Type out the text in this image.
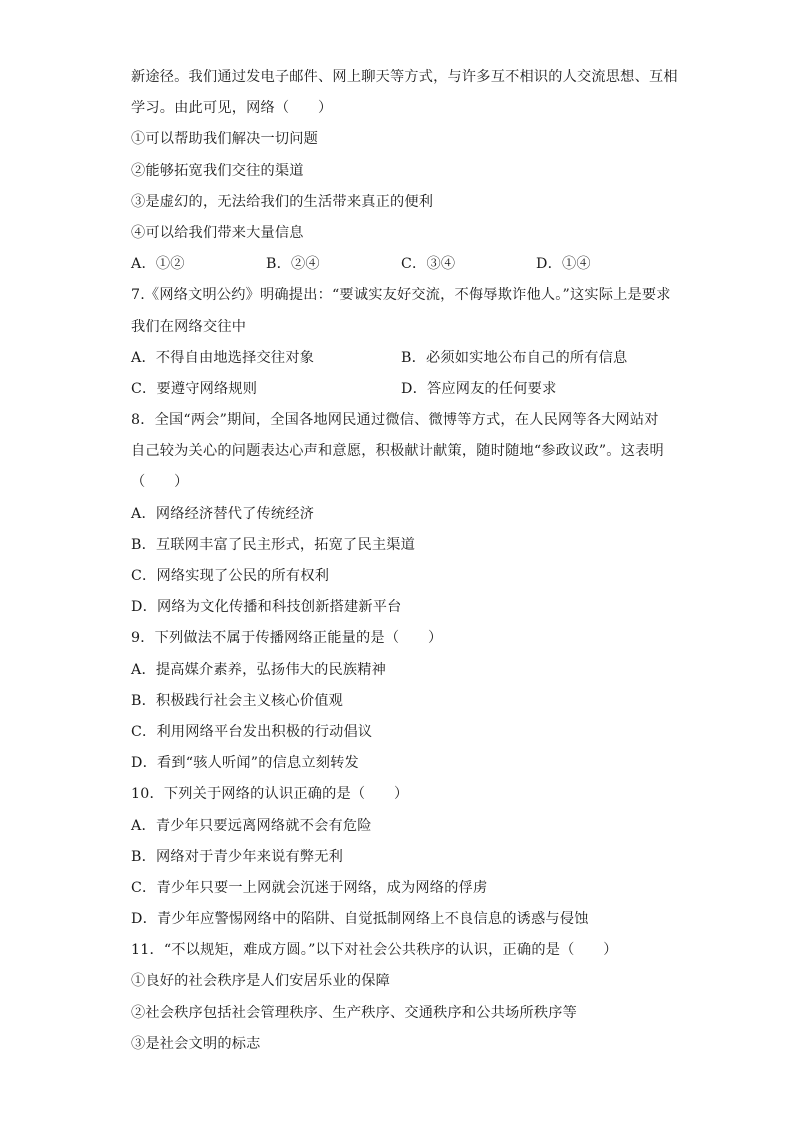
新途径。我们通过发电子邮件、网上聊天等方式，与许多互不相识的人交流思想、互相
学习。由此可见，网络（　　）
①可以帮助我们解决一切问题
②能够拓宽我们交往的渠道
③是虚幻的，无法给我们的生活带来真正的便利
④可以给我们带来大量信息
A．①②	B．②④	C．③④	D．①④
7.《网络文明公约》明确提出：“要诚实友好交流，不侮辱欺诈他人。”这实际上是要求
我们在网络交往中
A．不得自由地选择交往对象	B．必须如实地公布自己的所有信息
C．要遵守网络规则	D．答应网友的任何要求
8．全国“两会”期间，全国各地网民通过微信、微博等方式，在人民网等各大网站对
自己较为关心的问题表达心声和意愿，积极献计献策，随时随地“参政议政”。这表明
（　　）
A．网络经济替代了传统经济
B．互联网丰富了民主形式，拓宽了民主渠道
C．网络实现了公民的所有权利
D．网络为文化传播和科技创新搭建新平台
9．下列做法不属于传播网络正能量的是（　　）
A．提高媒介素养，弘扬伟大的民族精神
B．积极践行社会主义核心价值观
C．利用网络平台发出积极的行动倡议
D．看到“骇人听闻”的信息立刻转发
10．下列关于网络的认识正确的是（　　）
A．青少年只要远离网络就不会有危险
B．网络对于青少年来说有弊无利
C．青少年只要一上网就会沉迷于网络，成为网络的俘虏
D．青少年应警惕网络中的陷阱、自觉抵制网络上不良信息的诱惑与侵蚀
11．“不以规矩，难成方圆。”以下对社会公共秩序的认识，正确的是（　　）
①良好的社会秩序是人们安居乐业的保障
②社会秩序包括社会管理秩序、生产秩序、交通秩序和公共场所秩序等
③是社会文明的标志
